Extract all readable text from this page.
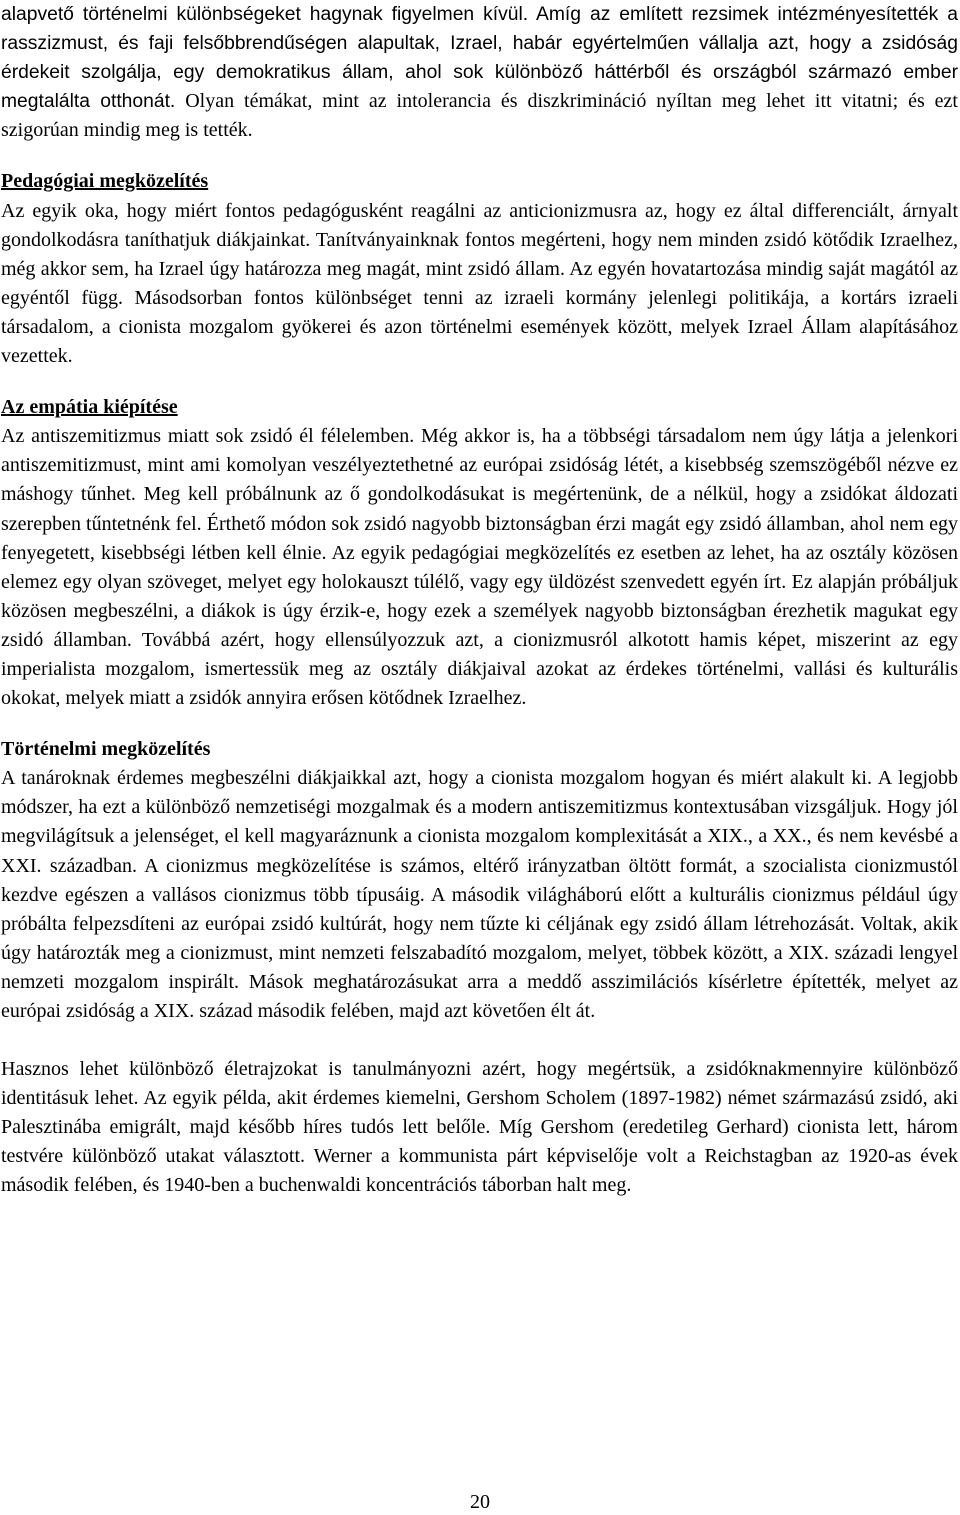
alapvető történelmi különbségeket hagynak figyelmen kívül. Amíg az említett rezsimek intézményesítették a rasszizmust, és faji felsőbbrendűségen alapultak, Izrael, habár egyértelműen vállalja azt, hogy a zsidóság érdekeit szolgálja, egy demokratikus állam, ahol sok különböző háttérből és országból származó ember megtalálta otthonát. Olyan témákat, mint az intolerancia és diszkrimináció nyíltan meg lehet itt vitatni; és ezt szigorúan mindig meg is tették.

Pedagógiai megközelítés

Az egyik oka, hogy miért fontos pedagógusként reagálni az anticionizmusra az, hogy ez által differenciált, árnyalt gondolkodásra taníthatjuk diákjainkat. Tanítványainknak fontos megérteni, hogy nem minden zsidó kötődik Izraelhez, még akkor sem, ha Izrael úgy határozza meg magát, mint zsidó állam. Az egyén hovatartozása mindig saját magától az egyéntől függ. Másodsorban fontos különbséget tenni az izraeli kormány jelenlegi politikája, a kortárs izraeli társadalom, a cionista mozgalom gyökerei és azon történelmi események között, melyek Izrael Állam alapításához vezettek.

Az empátia kiépítése

Az antiszemitizmus miatt sok zsidó él félelemben. Még akkor is, ha a többségi társadalom nem úgy látja a jelenkori antiszemitizmust, mint ami komolyan veszélyeztethetné az európai zsidóság létét, a kisebbség szemszögéből nézve ez máshogy tűnhet. Meg kell próbálnunk az ő gondolkodásukat is megértenünk, de a nélkül, hogy a zsidókat áldozati szerepben tűntetnénk fel. Érthető módon sok zsidó nagyobb biztonságban érzi magát egy zsidó államban, ahol nem egy fenyegetett, kisebbségi létben kell élnie. Az egyik pedagógiai megközelítés ez esetben az lehet, ha az osztály közösen elemez egy olyan szöveget, melyet egy holokauszt túlélő, vagy egy üldözést szenvedett egyén írt. Ez alapján próbáljuk közösen megbeszélni, a diákok is úgy érzik-e, hogy ezek a személyek nagyobb biztonságban érezhetik magukat egy zsidó államban. Továbbá azért, hogy ellensúlyozzuk azt, a cionizmusról alkotott hamis képet, miszerint az egy imperialista mozgalom, ismertessük meg az osztály diákjaival azokat az érdekes történelmi, vallási és kulturális okokat, melyek miatt a zsidók annyira erősen kötődnek Izraelhez.

Történelmi megközelítés

A tanároknak érdemes megbeszélni diákjaikkal azt, hogy a cionista mozgalom hogyan és miért alakult ki. A legjobb módszer, ha ezt a különböző nemzetiségi mozgalmak és a modern antiszemitizmus kontextusában vizsgáljuk. Hogy jól megvilágítsuk a jelenséget, el kell magyaráznunk a cionista mozgalom komplexitását a XIX., a XX., és nem kevésbé a XXI. században. A cionizmus megközelítése is számos, eltérő irányzatban öltött formát, a szocialista cionizmustól kezdve egészen a vallásos cionizmus több típusáig. A második világháború előtt a kulturális cionizmus például úgy próbálta felpezsdíteni az európai zsidó kultúrát, hogy nem tűzte ki céljának egy zsidó állam létrehozását. Voltak, akik úgy határozták meg a cionizmust, mint nemzeti felszabadító mozgalom, melyet, többek között, a XIX. századi lengyel nemzeti mozgalom inspirált. Mások meghatározásukat arra a meddő asszimilációs kísérletre építették, melyet az európai zsidóság a XIX. század második felében, majd azt követően élt át.

Hasznos lehet különböző életrajzokat is tanulmányozni azért, hogy megértsük, a zsidóknakmennyire különböző identitásuk lehet. Az egyik példa, akit érdemes kiemelni, Gershom Scholem (1897-1982) német származású zsidó, aki Palesztinába emigrált, majd később híres tudós lett belőle. Míg Gershom (eredetileg Gerhard) cionista lett, három testvére különböző utakat választott. Werner a kommunista párt képviselője volt a Reichstagban az 1920-as évek második felében, és 1940-ben a buchenwaldi koncentrációs táborban halt meg.

20
